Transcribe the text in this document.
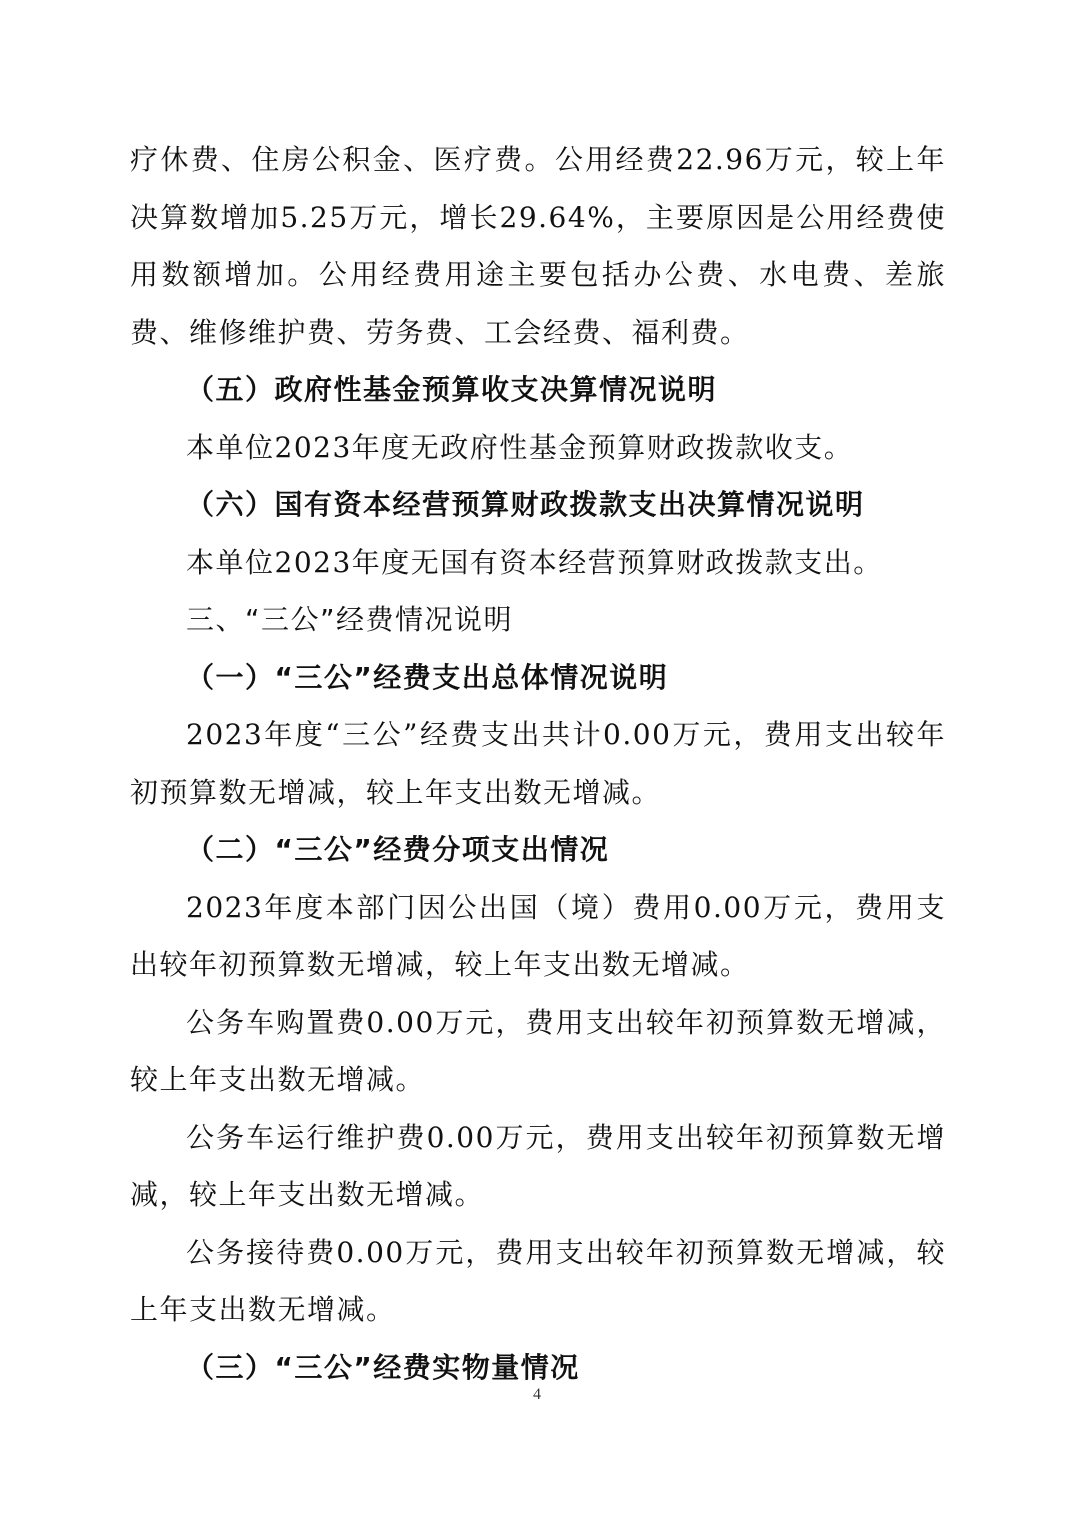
疗休费、住房公积金、医疗费。公用经费22.96万元，较上年决算数增加5.25万元，增长29.64%，主要原因是公用经费使用数额增加。公用经费用途主要包括办公费、水电费、差旅费、维修维护费、劳务费、工会经费、福利费。

（五）政府性基金预算收支决算情况说明

本单位2023年度无政府性基金预算财政拨款收支。

（六）国有资本经营预算财政拨款支出决算情况说明

本单位2023年度无国有资本经营预算财政拨款支出。

三、“三公”经费情况说明

（一）“三公”经费支出总体情况说明

2023年度“三公”经费支出共计0.00万元，费用支出较年初预算数无增减，较上年支出数无增减。

（二）“三公”经费分项支出情况

2023年度本部门因公出国（境）费用0.00万元，费用支出较年初预算数无增减，较上年支出数无增减。

公务车购置费0.00万元，费用支出较年初预算数无增减，较上年支出数无增减。

公务车运行维护费0.00万元，费用支出较年初预算数无增减，较上年支出数无增减。

公务接待费0.00万元，费用支出较年初预算数无增减，较上年支出数无增减。

（三）“三公”经费实物量情况

4
